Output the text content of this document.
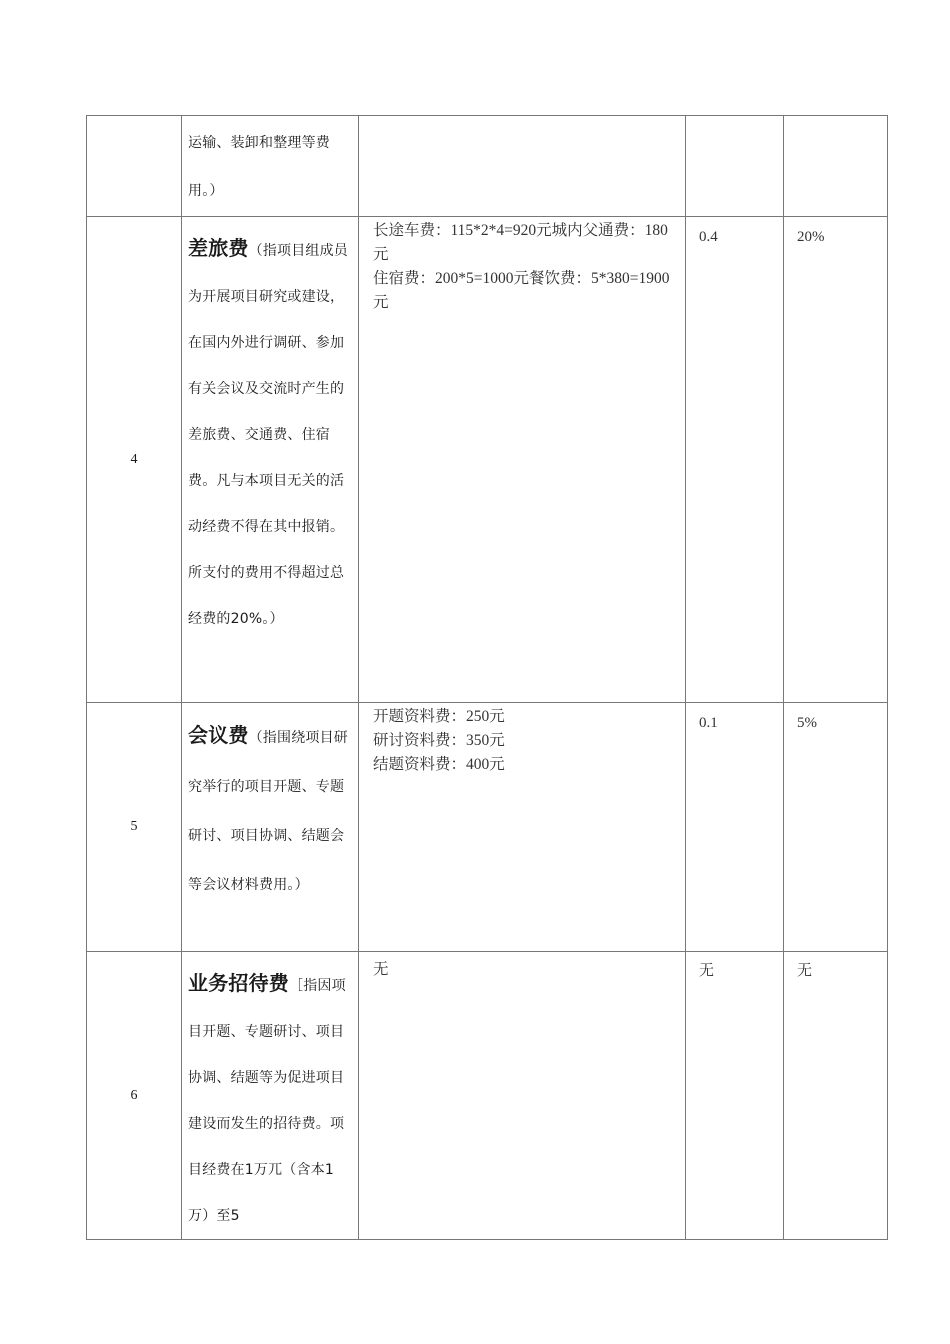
	运输、装卸和整理等费用。）			

4	差旅费（指项目组成员为开展项目研究或建设，在国内外进行调研、参加有关会议及交流时产生的差旅费、交通费、住宿费。凡与本项目无关的活动经费不得在其中报销。所支付的费用不得超过总经费的20%。）	长途车费：115*2*4=920元城内父通费：180元
住宿费：200*5=1000元餐饮费：5*380=1900元	0.4	20%
5	会议费（指围绕项目研究举行的项目开题、专题研讨、项目协调、结题会等会议材料费用。）	开题资料费：250元
研讨资料费：350元
结题资料费：400元	0.1	5%
6	业务招待费［指因项目开题、专题研讨、项目协调、结题等为促进项目建设而发生的招待费。项目经费在1万兀（含本1万）至5	无	无	无
